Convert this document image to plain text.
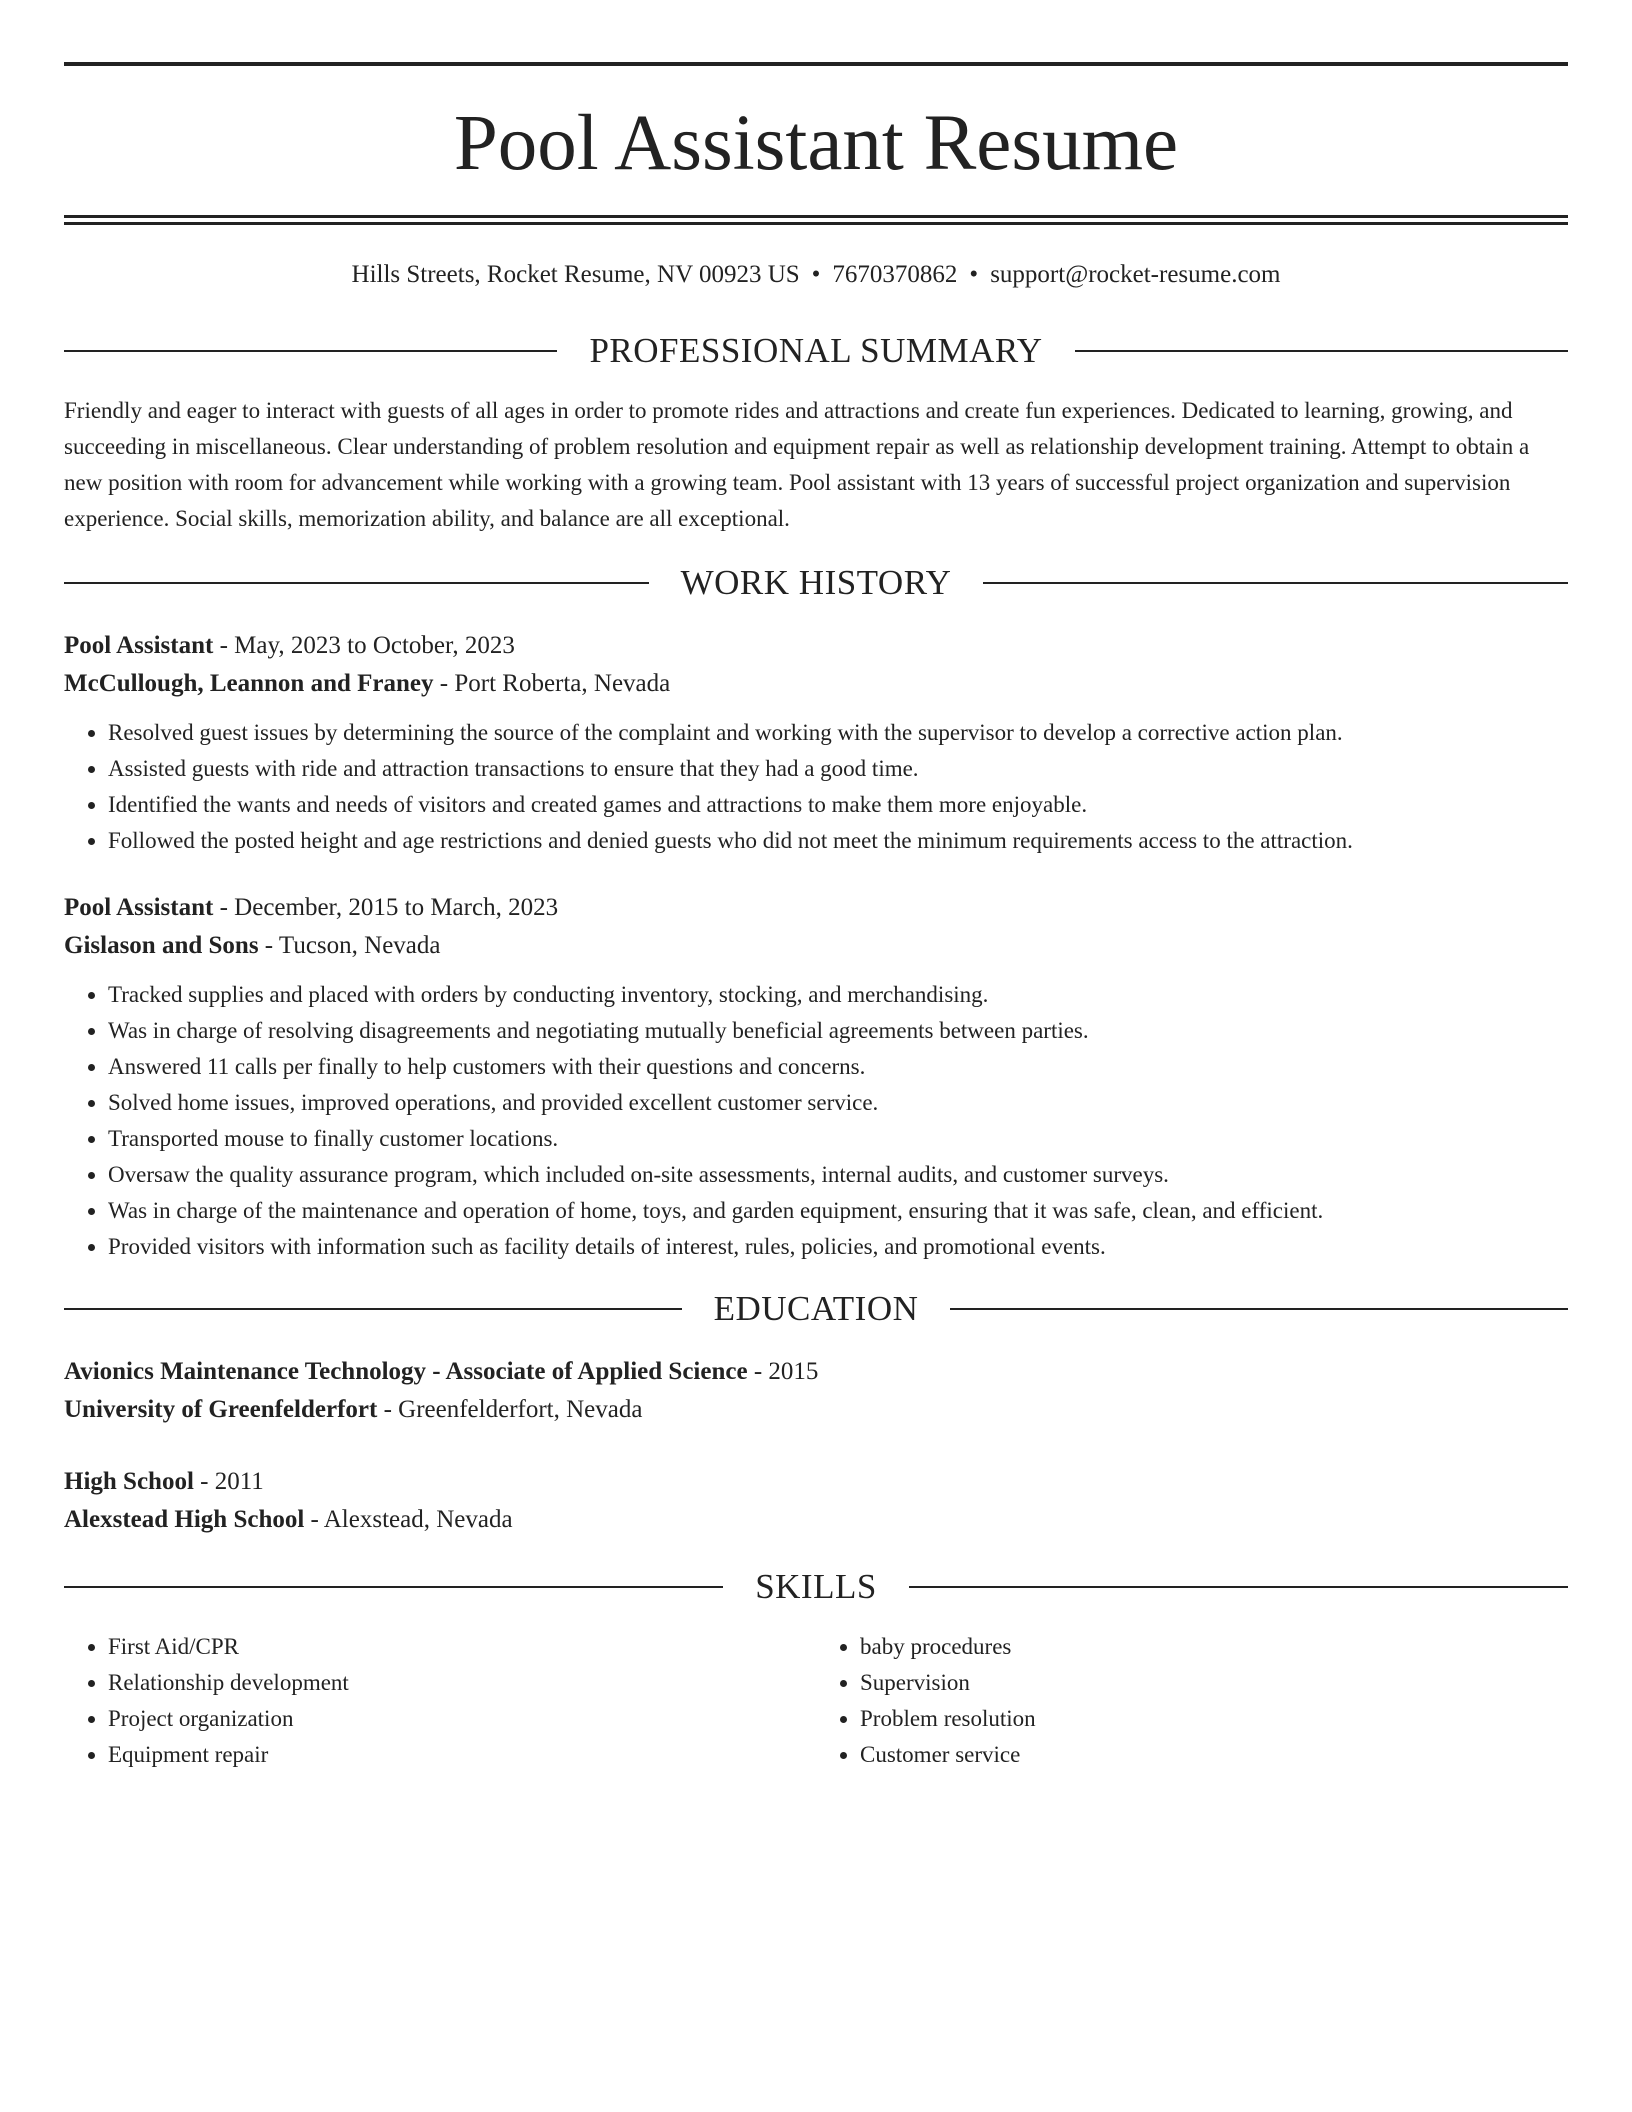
Pool Assistant Resume
Hills Streets, Rocket Resume, NV 00923 US • 7670370862 • support@rocket-resume.com
PROFESSIONAL SUMMARY

Friendly and eager to interact with guests of all ages in order to promote rides and attractions and create fun experiences. Dedicated to learning, growing, and succeeding in miscellaneous. Clear understanding of problem resolution and equipment repair as well as relationship development training. Attempt to obtain a new position with room for advancement while working with a growing team. Pool assistant with 13 years of successful project organization and supervision experience. Social skills, memorization ability, and balance are all exceptional.

WORK HISTORY
Pool Assistant - May, 2023 to October, 2023
McCullough, Leannon and Franey - Port Roberta, Nevada
• Resolved guest issues by determining the source of the complaint and working with the supervisor to develop a corrective action plan.
• Assisted guests with ride and attraction transactions to ensure that they had a good time.
• Identified the wants and needs of visitors and created games and attractions to make them more enjoyable.
• Followed the posted height and age restrictions and denied guests who did not meet the minimum requirements access to the attraction.
Pool Assistant - December, 2015 to March, 2023
Gislason and Sons - Tucson, Nevada
• Tracked supplies and placed with orders by conducting inventory, stocking, and merchandising.
• Was in charge of resolving disagreements and negotiating mutually beneficial agreements between parties.
• Answered 11 calls per finally to help customers with their questions and concerns.
• Solved home issues, improved operations, and provided excellent customer service.
• Transported mouse to finally customer locations.
• Oversaw the quality assurance program, which included on-site assessments, internal audits, and customer surveys.
• Was in charge of the maintenance and operation of home, toys, and garden equipment, ensuring that it was safe, clean, and efficient.
• Provided visitors with information such as facility details of interest, rules, policies, and promotional events.
EDUCATION
Avionics Maintenance Technology - Associate of Applied Science - 2015
University of Greenfelderfort - Greenfelderfort, Nevada
High School - 2011
Alexstead High School - Alexstead, Nevada
SKILLS
• First Aid/CPR
• Relationship development
• Project organization
• Equipment repair
• baby procedures
• Supervision
• Problem resolution
• Customer service
